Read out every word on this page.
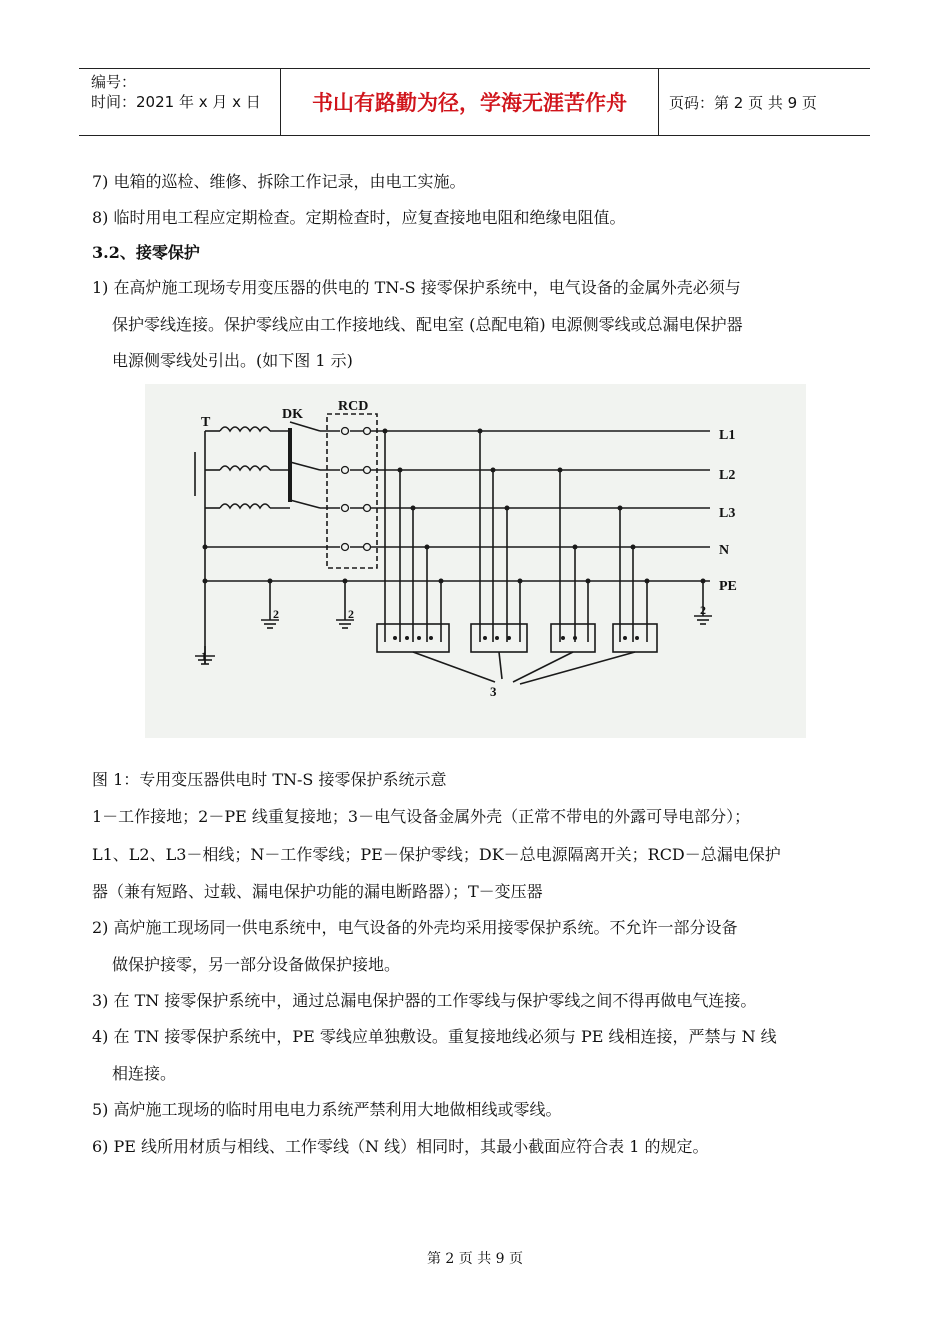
编号：
时间：2021 年 x 月 x 日	书山有路勤为径，学海无涯苦作舟	页码：第 2 页 共 9 页
7) 电箱的巡检、维修、拆除工作记录，由电工实施。
8) 临时用电工程应定期检查。定期检查时，应复查接地电阻和绝缘电阻值。
3.2、接零保护
1) 在高炉施工现场专用变压器的供电的 TN-S 接零保护系统中，电气设备的金属外壳必须与
保护零线连接。保护零线应由工作接地线、配电室 (总配电箱) 电源侧零线或总漏电保护器
电源侧零线处引出。(如下图 1 示)
T
DK
RCD
L1
L2
L3
N
PE
1
2	2	2
3
图 1：专用变压器供电时 TN-S 接零保护系统示意
1－工作接地；2－PE 线重复接地；3－电气设备金属外壳（正常不带电的外露可导电部分）；
L1、L2、L3－相线；N－工作零线；PE－保护零线；DK－总电源隔离开关；RCD－总漏电保护
器（兼有短路、过载、漏电保护功能的漏电断路器）；T－变压器
2) 高炉施工现场同一供电系统中，电气设备的外壳均采用接零保护系统。不允许一部分设备
做保护接零，另一部分设备做保护接地。
3) 在 TN 接零保护系统中，通过总漏电保护器的工作零线与保护零线之间不得再做电气连接。
4) 在 TN 接零保护系统中，PE 零线应单独敷设。重复接地线必须与 PE 线相连接，严禁与 N 线
相连接。
5) 高炉施工现场的临时用电电力系统严禁利用大地做相线或零线。
6) PE 线所用材质与相线、工作零线（N 线）相同时，其最小截面应符合表 1 的规定。
第 2 页 共 9 页
